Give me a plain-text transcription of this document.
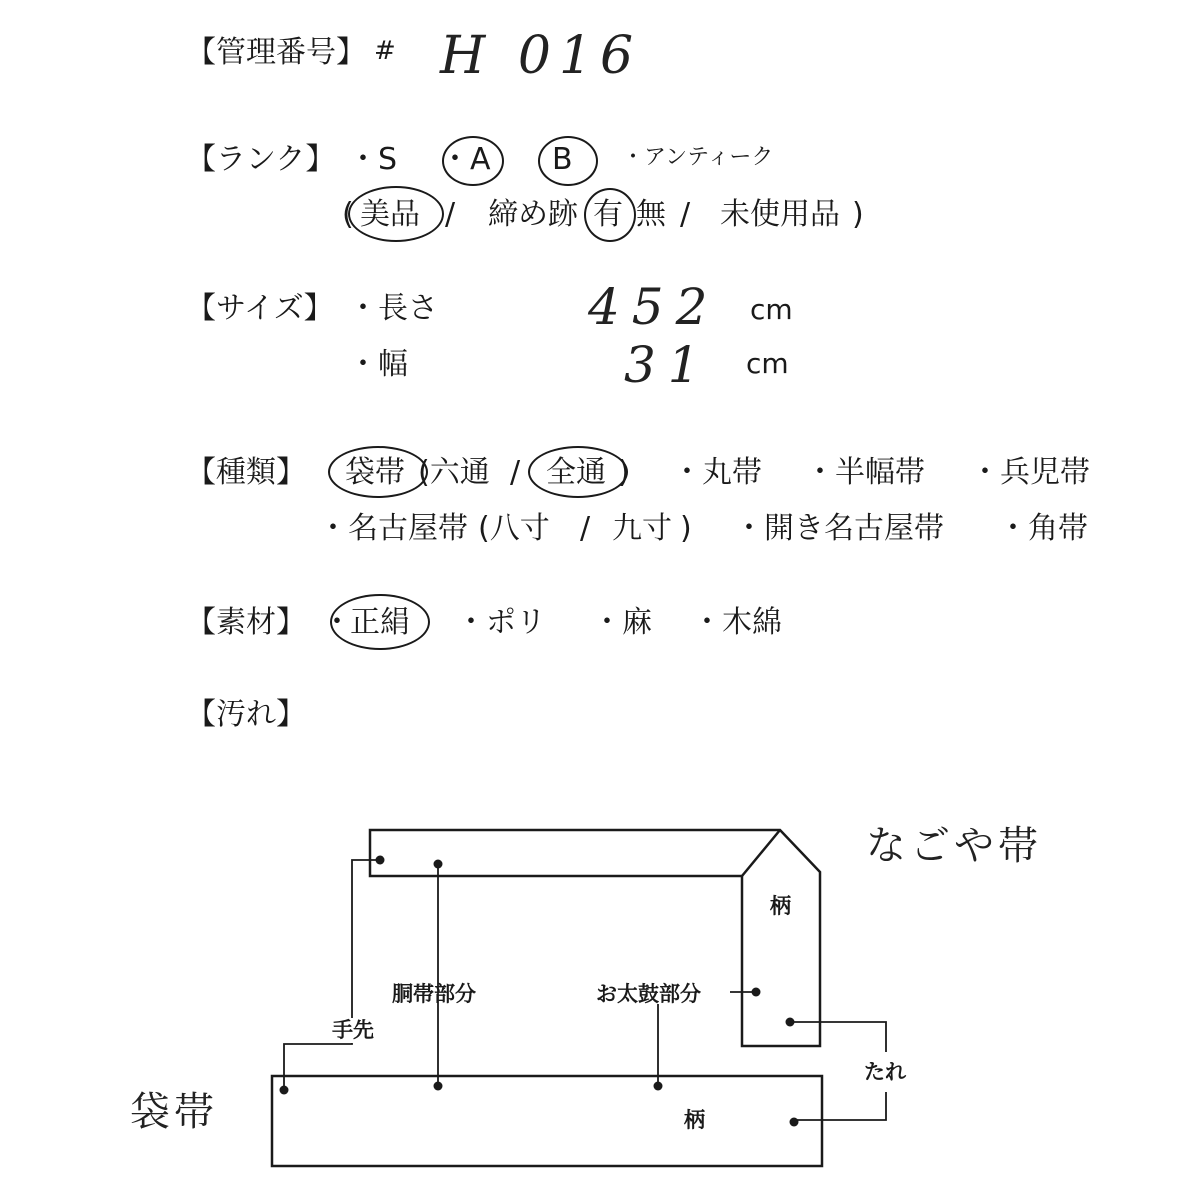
【管理番号】 # H 016
【ランク】 ・S ・A B ・アンティーク
( 美品 / 締め跡 有 無 / 未使用品 )
【サイズ】 ・長さ	452 cm
・幅	31 cm
【種類】 袋帯 (六通 / 全通 ) ・丸帯 ・半幅帯 ・兵児帯
・名古屋帯 (八寸 / 九寸 ) ・開き名古屋帯 ・角帯
【素材】 ・
正絹 ・ポリ ・麻 ・木綿
【汚れ】
なごや帯
袋帯
柄
胴帯部分	お太鼓部分
手先
たれ
柄
